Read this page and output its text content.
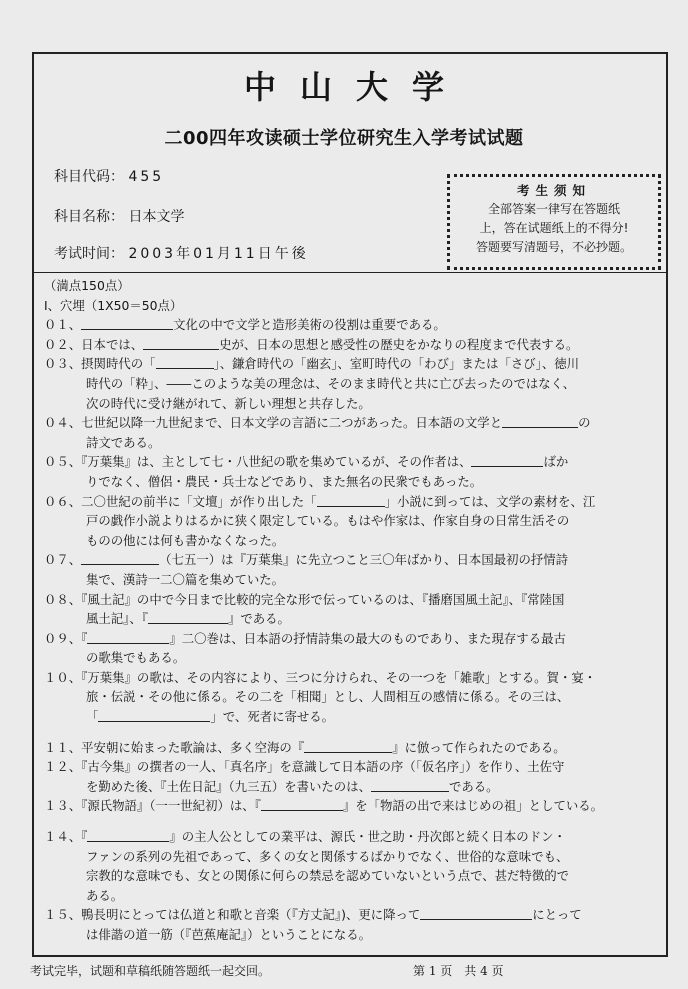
中山大学
二00四年攻读硕士学位研究生入学考试试题
科目代码： 455
科目名称： 日本文学
考试时间： 2003年01月11日午後
考生须知
全部答案一律写在答题纸
上，答在试题纸上的不得分!
答题要写清题号，不必抄题。
（満点150点）
Ⅰ、穴埋（1X50＝50点）
０１、	文化の中で文学と造形美術の役割は重要である。
０２、日本では、	史が、日本の思想と感受性の歴史をかなりの程度まで代表する。
０３、摂関時代の「	」、鎌倉時代の「幽玄」、室町時代の「わび」または「さび」、徳川
時代の「粋」、――このような美の理念は、そのまま時代と共に亡び去ったのではなく、
次の時代に受け継がれて、新しい理想と共存した。
０４、七世紀以降一九世紀まで、日本文学の言語に二つがあった。日本語の文学と	の
詩文である。
０５、『万葉集』は、主として七・八世紀の歌を集めているが、その作者は、	ばか
りでなく、僧侶・農民・兵士などであり、また無名の民衆でもあった。
０６、二〇世紀の前半に「文壇」が作り出した「	」小説に到っては、文学の素材を、江
戸の戯作小説よりはるかに狭く限定している。もはや作家は、作家自身の日常生活その
ものの他には何も書かなくなった。
０７、	（七五一）は『万葉集』に先立つこと三〇年ばかり、日本国最初の抒情詩
集で、漢詩一二〇篇を集めていた。
０８、『風土記』の中で今日まで比較的完全な形で伝っているのは、『播磨国風土記』、『常陸国
風土記』、『	』である。
０９、『	』二〇巻は、日本語の抒情詩集の最大のものであり、また現存する最古
の歌集でもある。
１０、『万葉集』の歌は、その内容により、三つに分けられ、その一つを「雑歌」とする。賀・宴・
旅・伝説・その他に係る。その二を「相聞」とし、人間相互の感情に係る。その三は、
「	」で、死者に寄せる。
１１、平安朝に始まった歌論は、多く空海の『	』に倣って作られたのである。
１２、『古今集』の撰者の一人、「真名序」を意識して日本語の序（「仮名序」）を作り、土佐守
を勤めた後、『土佐日記』（九三五）を書いたのは、	である。
１３、『源氏物語』（一一世紀初）は、『	』を「物語の出で来はじめの祖」としている。
１４、『	』の主人公としての業平は、源氏・世之助・丹次郎と続く日本のドン・
ファンの系列の先祖であって、多くの女と関係するばかりでなく、世俗的な意味でも、
宗教的な意味でも、女との関係に何らの禁忌を認めていないという点で、甚だ特徴的で
ある。
１５、鴨長明にとっては仏道と和歌と音楽（『方丈記』)、更に降って	にとって
は俳諧の道一筋（『芭蕉庵記』）ということになる。
考试完毕，试题和草稿纸随答题纸一起交回。	第 1 页　共 4 页
